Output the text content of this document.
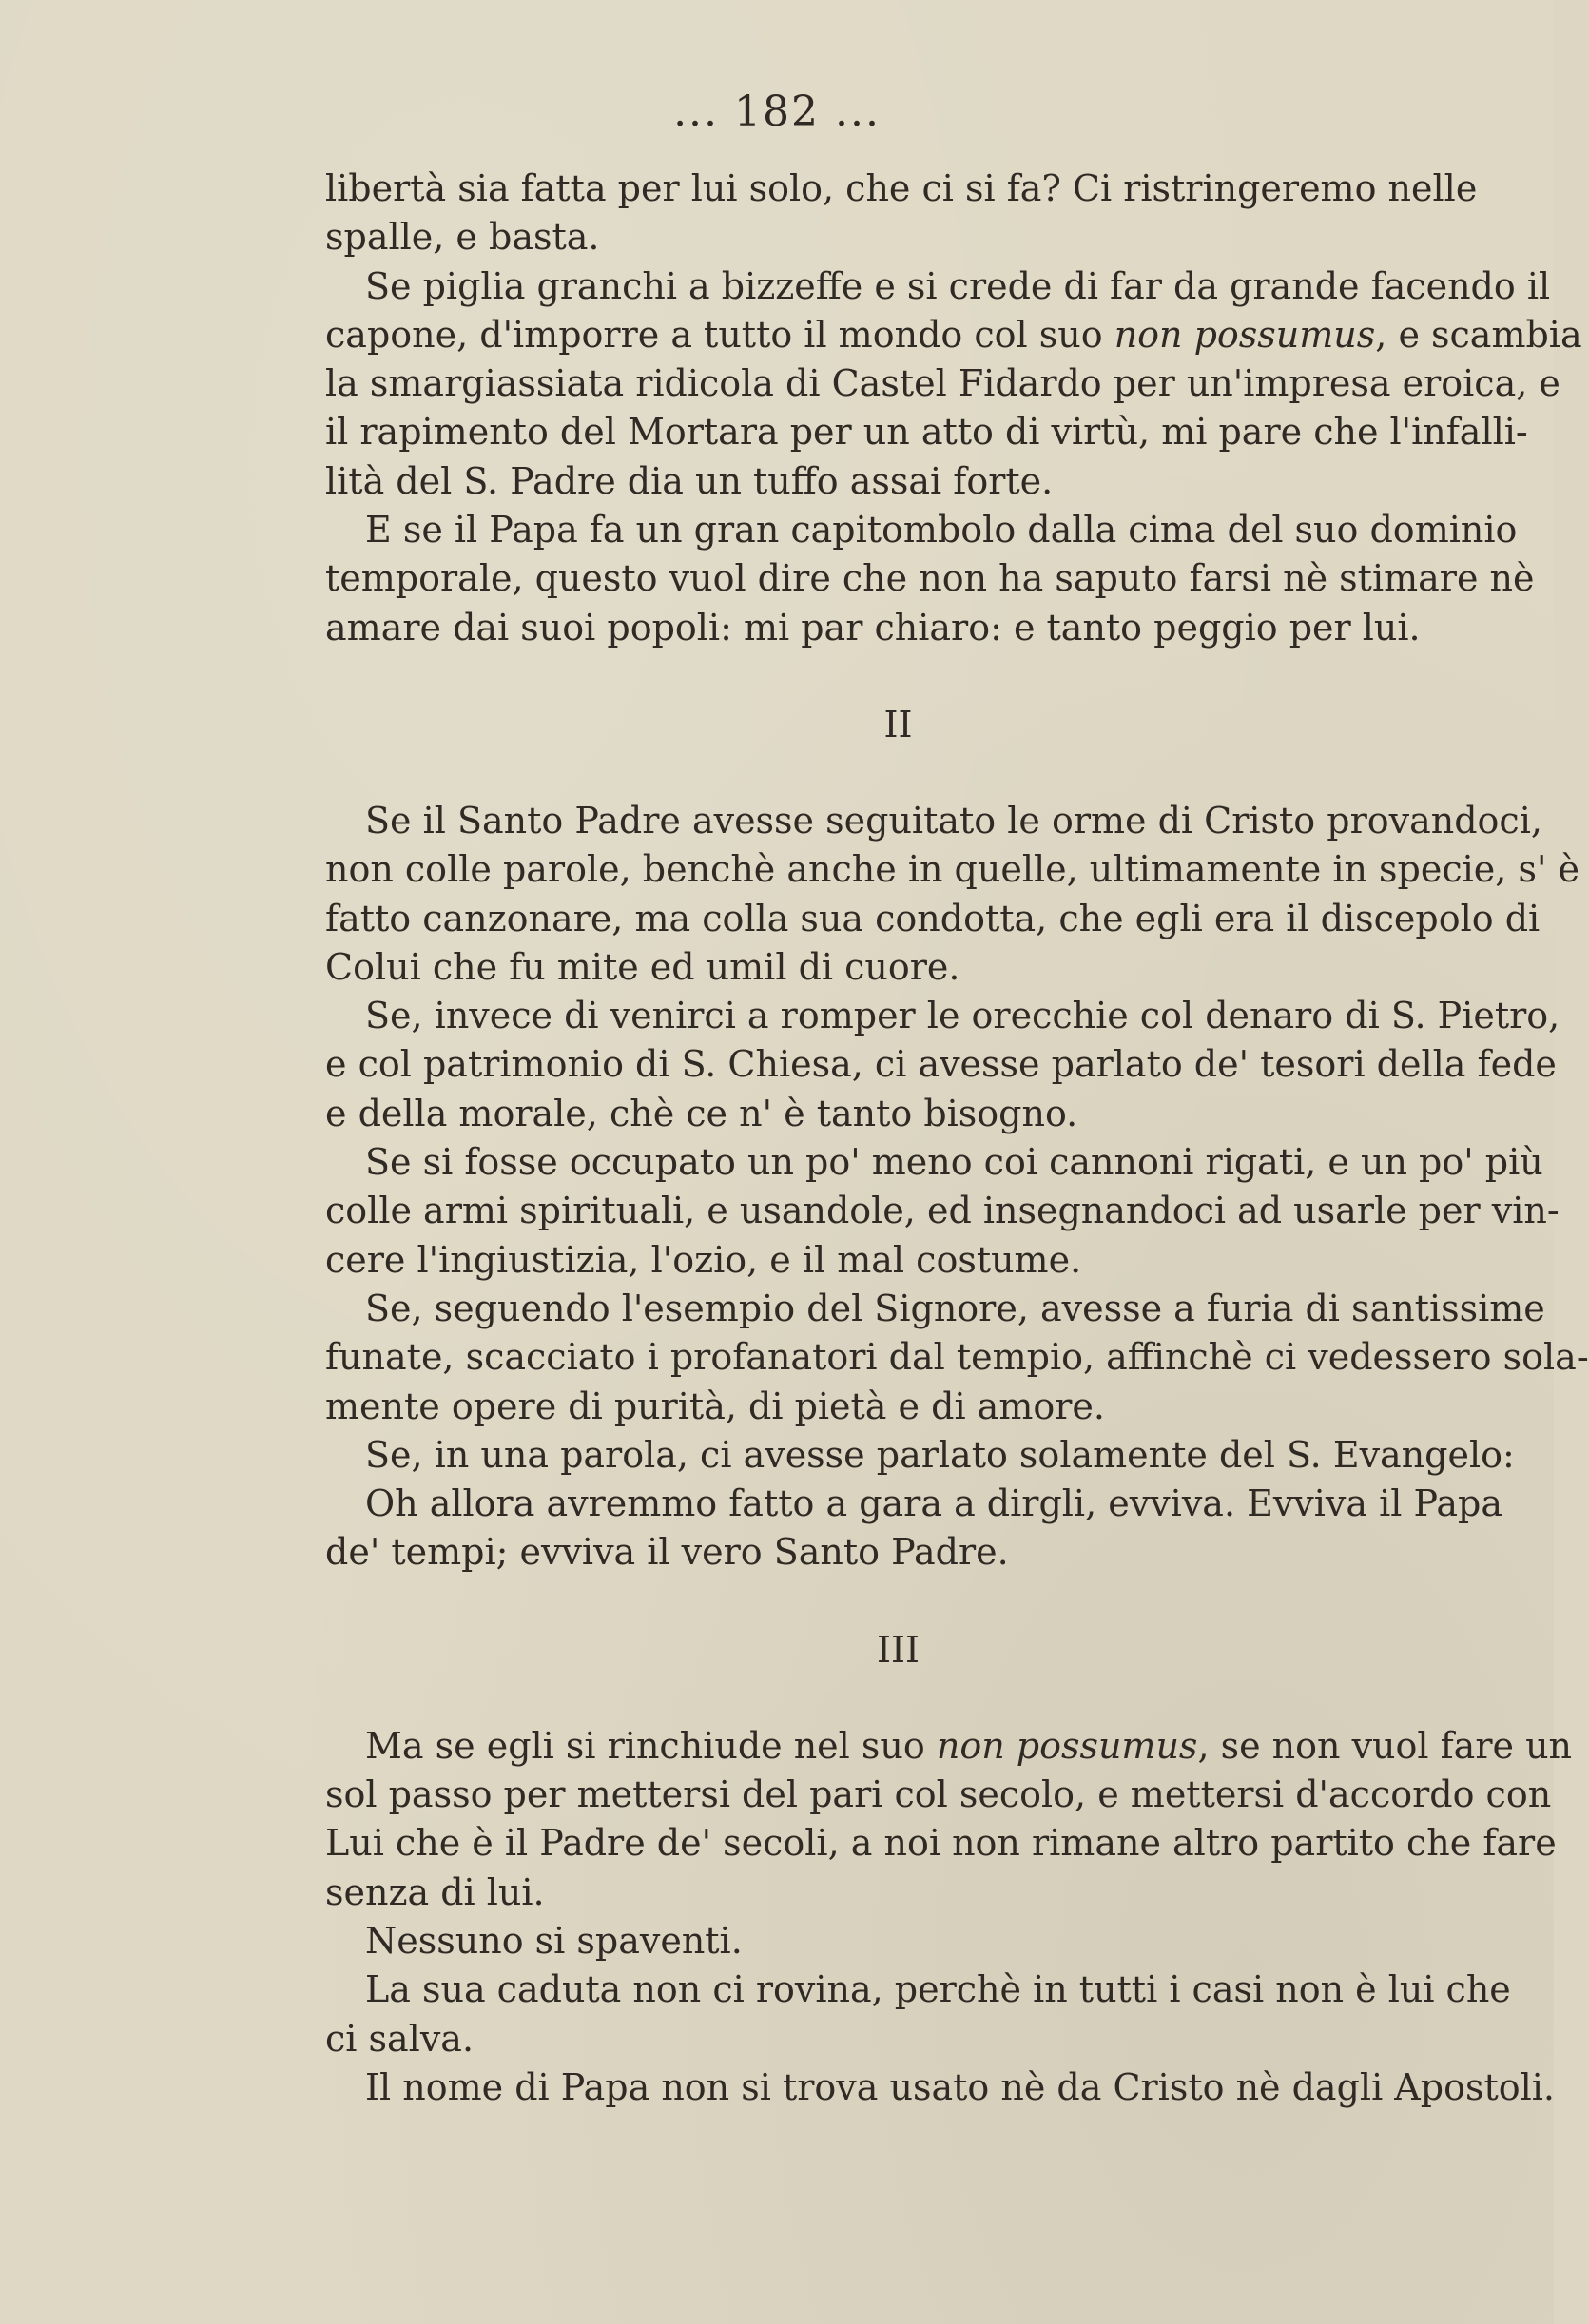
... 182 ...
libertà sia fatta per lui solo, che ci si fa? Ci ristringeremo nelle
spalle, e basta.
Se piglia granchi a bizzeffe e si crede di far da grande facendo il
capone, d'imporre a tutto il mondo col suo non possumus, e scambia
la smargiassiata ridicola di Castel Fidardo per un'impresa eroica, e
il rapimento del Mortara per un atto di virtù, mi pare che l'infalli-
lità del S. Padre dia un tuffo assai forte.
E se il Papa fa un gran capitombolo dalla cima del suo dominio
temporale, questo vuol dire che non ha saputo farsi nè stimare nè
amare dai suoi popoli: mi par chiaro: e tanto peggio per lui.
II
Se il Santo Padre avesse seguitato le orme di Cristo provandoci,
non colle parole, benchè anche in quelle, ultimamente in specie, s' è
fatto canzonare, ma colla sua condotta, che egli era il discepolo di
Colui che fu mite ed umil di cuore.
Se, invece di venirci a romper le orecchie col denaro di S. Pietro,
e col patrimonio di S. Chiesa, ci avesse parlato de' tesori della fede
e della morale, chè ce n' è tanto bisogno.
Se si fosse occupato un po' meno coi cannoni rigati, e un po' più
colle armi spirituali, e usandole, ed insegnandoci ad usarle per vin-
cere l'ingiustizia, l'ozio, e il mal costume.
Se, seguendo l'esempio del Signore, avesse a furia di santissime
funate, scacciato i profanatori dal tempio, affinchè ci vedessero sola-
mente opere di purità, di pietà e di amore.
Se, in una parola, ci avesse parlato solamente del S. Evangelo:
Oh allora avremmo fatto a gara a dirgli, evviva. Evviva il Papa
de' tempi; evviva il vero Santo Padre.
III
Ma se egli si rinchiude nel suo non possumus, se non vuol fare un
sol passo per mettersi del pari col secolo, e mettersi d'accordo con
Lui che è il Padre de' secoli, a noi non rimane altro partito che fare
senza di lui.
Nessuno si spaventi.
La sua caduta non ci rovina, perchè in tutti i casi non è lui che
ci salva.
Il nome di Papa non si trova usato nè da Cristo nè dagli Apostoli.
